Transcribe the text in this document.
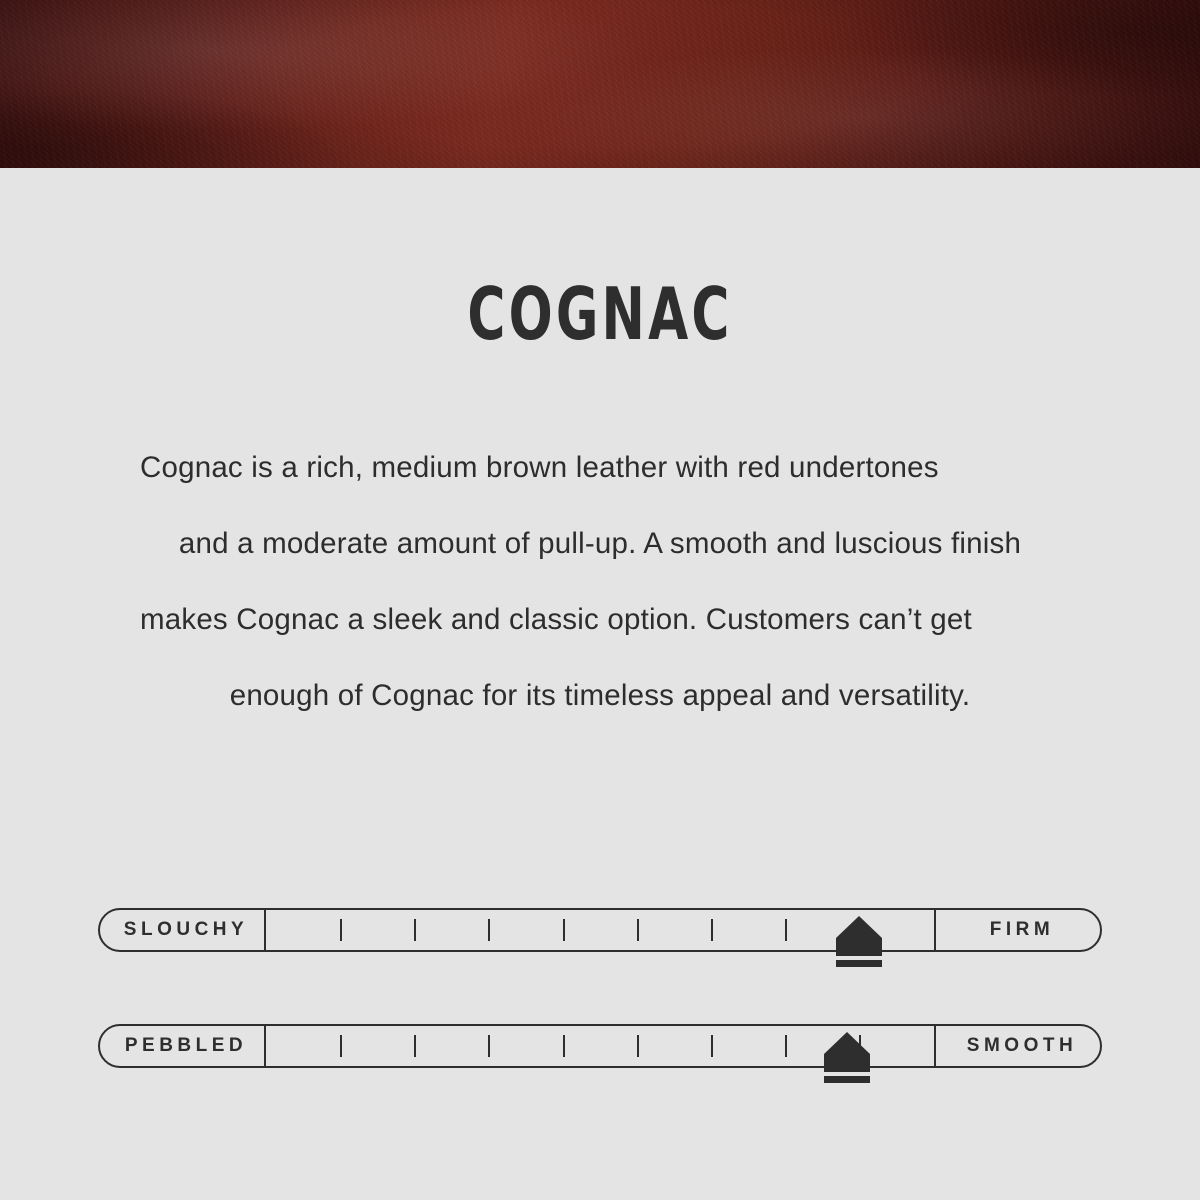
COGNAC

Cognac is a rich, medium brown leather with red undertones
and a moderate amount of pull-up. A smooth and luscious finish
makes Cognac a sleek and classic option. Customers can’t get
enough of Cognac for its timeless appeal and versatility.

SLOUCHY	FIRM
PEBBLED	SMOOTH
